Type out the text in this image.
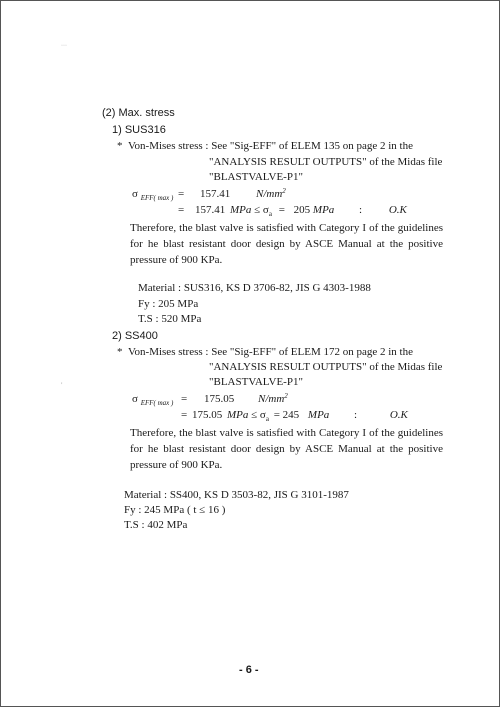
···
,
(2) Max. stress
1) SUS316
* Von-Mises stress : See "Sig-EFF" of ELEM 135 on page 2 in the
"ANALYSIS RESULT OUTPUTS" of the Midas file
"BLASTVALVE-P1"
σ $_{EFF( max )}$ = 157.41 $N/mm^2$
= 157.41 MPa ≤ $\sigma_a = 205$ MPa : O.K
Therefore, the blast valve is satisfied with Category I of the guidelines for he blast resistant door design by ASCE Manual at the positive pressure of 900 KPa.
Material : SUS316, KS D 3706-82, JIS G 4303-1988
Fy : 205 MPa
T.S : 520 MPa
2) SS400
* Von-Mises stress : See "Sig-EFF" of ELEM 172 on page 2 in the
"ANALYSIS RESULT OUTPUTS" of the Midas file
"BLASTVALVE-P1"
σ $_{EFF( max )}$ = 175.05 $N/mm^2$
= 175.05 MPa ≤ $\sigma_a = 245$ MPa :	O.K
Therefore, the blast valve is satisfied with Category I of the guidelines for he blast resistant door design by ASCE Manual at the positive pressure of 900 KPa.
Material : SS400, KS D 3503-82, JIS G 3101-1987
Fy : 245 MPa ( t ≤ 16 )
T.S : 402 MPa
- 6 -
